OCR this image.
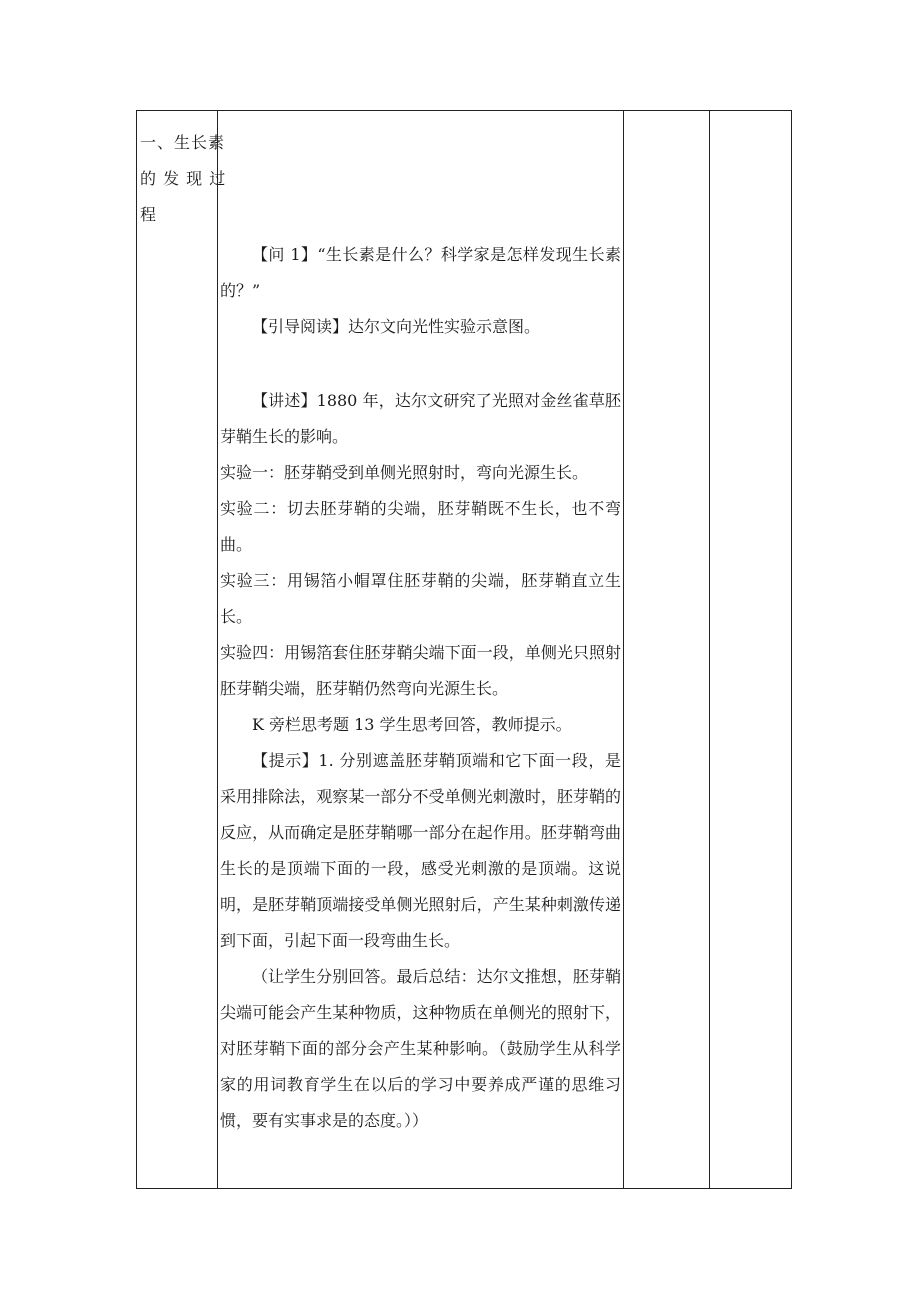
一、生长素
的 发 现 过
程

【问 1】“生长素是什么？科学家是怎样发现生长素的？”

【引导阅读】达尔文向光性实验示意图。

【讲述】1880 年，达尔文研究了光照对金丝雀草胚芽鞘生长的影响。

实验一：胚芽鞘受到单侧光照射时，弯向光源生长。

实验二：切去胚芽鞘的尖端，胚芽鞘既不生长，也不弯曲。

实验三：用锡箔小帽罩住胚芽鞘的尖端，胚芽鞘直立生长。

实验四：用锡箔套住胚芽鞘尖端下面一段，单侧光只照射胚芽鞘尖端，胚芽鞘仍然弯向光源生长。

K 旁栏思考题 13 学生思考回答，教师提示。

【提示】1. 分别遮盖胚芽鞘顶端和它下面一段，是采用排除法，观察某一部分不受单侧光刺激时，胚芽鞘的反应，从而确定是胚芽鞘哪一部分在起作用。胚芽鞘弯曲生长的是顶端下面的一段，感受光刺激的是顶端。这说明，是胚芽鞘顶端接受单侧光照射后，产生某种刺激传递到下面，引起下面一段弯曲生长。

（让学生分别回答。最后总结：达尔文推想，胚芽鞘尖端可能会产生某种物质，这种物质在单侧光的照射下，对胚芽鞘下面的部分会产生某种影响。（鼓励学生从科学家的用词教育学生在以后的学习中要养成严谨的思维习惯，要有实事求是的态度。））
